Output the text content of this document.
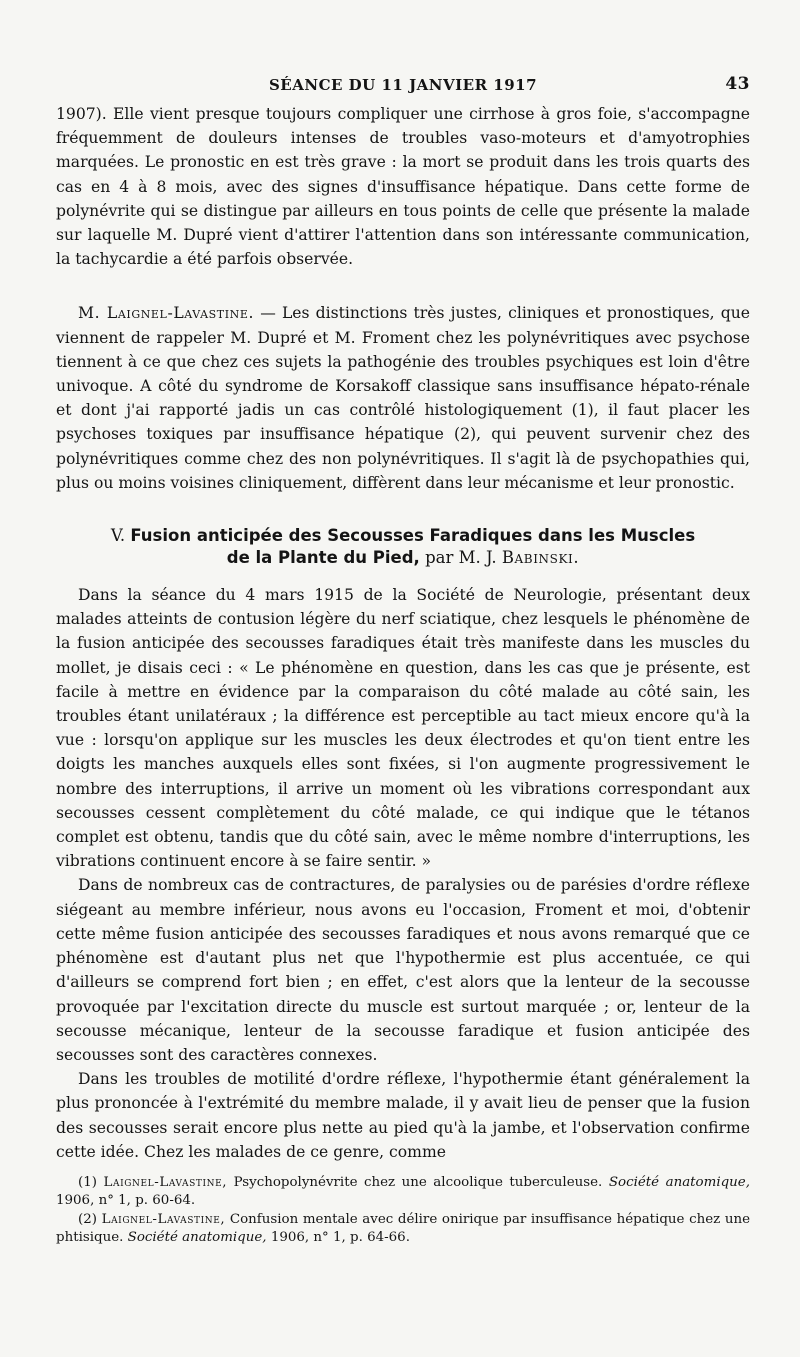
SÉANCE DU 11 JANVIER 1917	43

1907). Elle vient presque toujours compliquer une cirrhose à gros foie, s'accompagne fréquemment de douleurs intenses de troubles vaso-moteurs et d'amyotrophies marquées. Le pronostic en est très grave : la mort se produit dans les trois quarts des cas en 4 à 8 mois, avec des signes d'insuffisance hépatique. Dans cette forme de polynévrite qui se distingue par ailleurs en tous points de celle que présente la malade sur laquelle M. Dupré vient d'attirer l'attention dans son intéressante communication, la tachycardie a été parfois observée.

M. Laignel-Lavastine. — Les distinctions très justes, cliniques et pronostiques, que viennent de rappeler M. Dupré et M. Froment chez les polynévritiques avec psychose tiennent à ce que chez ces sujets la pathogénie des troubles psychiques est loin d'être univoque. A côté du syndrome de Korsakoff classique sans insuffisance hépato-rénale et dont j'ai rapporté jadis un cas contrôlé histologiquement (1), il faut placer les psychoses toxiques par insuffisance hépatique (2), qui peuvent survenir chez des polynévritiques comme chez des non polynévritiques. Il s'agit là de psychopathies qui, plus ou moins voisines cliniquement, diffèrent dans leur mécanisme et leur pronostic.

V. Fusion anticipée des Secousses Faradiques dans les Muscles
de la Plante du Pied, par M. J. Babinski.

Dans la séance du 4 mars 1915 de la Société de Neurologie, présentant deux malades atteints de contusion légère du nerf sciatique, chez lesquels le phénomène de la fusion anticipée des secousses faradiques était très manifeste dans les muscles du mollet, je disais ceci : « Le phénomène en question, dans les cas que je présente, est facile à mettre en évidence par la comparaison du côté malade au côté sain, les troubles étant unilatéraux ; la différence est perceptible au tact mieux encore qu'à la vue : lorsqu'on applique sur les muscles les deux électrodes et qu'on tient entre les doigts les manches auxquels elles sont fixées, si l'on augmente progressivement le nombre des interruptions, il arrive un moment où les vibrations correspondant aux secousses cessent complètement du côté malade, ce qui indique que le tétanos complet est obtenu, tandis que du côté sain, avec le même nombre d'interruptions, les vibrations continuent encore à se faire sentir. »

Dans de nombreux cas de contractures, de paralysies ou de parésies d'ordre réflexe siégeant au membre inférieur, nous avons eu l'occasion, Froment et moi, d'obtenir cette même fusion anticipée des secousses faradiques et nous avons remarqué que ce phénomène est d'autant plus net que l'hypothermie est plus accentuée, ce qui d'ailleurs se comprend fort bien ; en effet, c'est alors que la lenteur de la secousse provoquée par l'excitation directe du muscle est surtout marquée ; or, lenteur de la secousse mécanique, lenteur de la secousse faradique et fusion anticipée des secousses sont des caractères connexes.

Dans les troubles de motilité d'ordre réflexe, l'hypothermie étant généralement la plus prononcée à l'extrémité du membre malade, il y avait lieu de penser que la fusion des secousses serait encore plus nette au pied qu'à la jambe, et l'observation confirme cette idée. Chez les malades de ce genre, comme

(1) Laignel-Lavastine, Psychopolynévrite chez une alcoolique tuberculeuse. Société anatomique, 1906, n° 1, p. 60-64.

(2) Laignel-Lavastine, Confusion mentale avec délire onirique par insuffisance hépatique chez une phtisique. Société anatomique, 1906, n° 1, p. 64-66.
